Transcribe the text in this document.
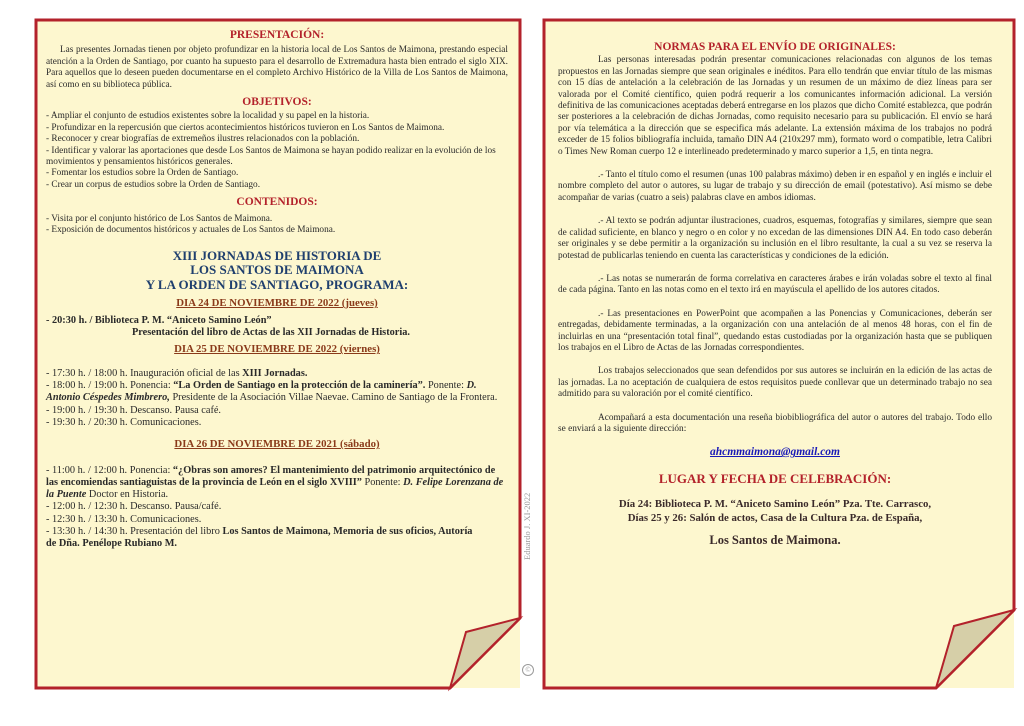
PRESENTACIÓN:

Las presentes Jornadas tienen por objeto profundizar en la historia local de Los Santos de Maimona, prestando especial atención a la Orden de Santiago, por cuanto ha supuesto para el desarrollo de Extremadura hasta bien entrado el siglo XIX. Para aquellos que lo deseen pueden documentarse en el completo Archivo Histórico de la Villa de Los Santos de Maimona, así como en su biblioteca pública.

OBJETIVOS:

- Ampliar el conjunto de estudios existentes sobre la localidad y su papel en la historia.
- Profundizar en la repercusión que ciertos acontecimientos históricos tuvieron en Los Santos de Maimona.
- Reconocer y crear biografías de extremeños ilustres relacionados con la población.
- Identificar y valorar las aportaciones que desde Los Santos de Maimona se hayan podido realizar en la evolución de los movimientos y pensamientos históricos generales.
- Fomentar los estudios sobre la Orden de Santiago.
- Crear un corpus de estudios sobre la Orden de Santiago.

CONTENIDOS:

- Visita por el conjunto histórico de Los Santos de Maimona.
- Exposición de documentos históricos y actuales de Los Santos de Maimona.

XIII JORNADAS DE HISTORIA DE

LOS SANTOS DE MAIMONA

Y LA ORDEN DE SANTIAGO, PROGRAMA:

DIA 24 DE NOVIEMBRE DE 2022 (jueves)

- 20:30 h. / Biblioteca P. M. “Aniceto Samino León”

Presentación del libro de Actas de las XII Jornadas de Historia.

DIA 25 DE NOVIEMBRE DE 2022 (viernes)

- 17:30 h. / 18:00 h. Inauguración oficial de las XIII Jornadas.

- 18:00 h. / 19:00 h. Ponencia: “La Orden de Santiago en la protección de la caminería”. Ponente: D. Antonio Céspedes Mimbrero, Presidente de la Asociación Villae Naevae. Camino de Santiago de la Frontera.

- 19:00 h. / 19:30 h. Descanso. Pausa café.

- 19:30 h. / 20:30 h. Comunicaciones.

DIA 26 DE NOVIEMBRE DE 2021 (sábado)

- 11:00 h. / 12:00 h. Ponencia: “¿Obras son amores? El mantenimiento del patrimonio arquitectónico de las encomiendas santiaguistas de la provincia de León en el siglo XVIII” Ponente: D. Felipe Lorenzana de la Puente Doctor en Historia.

- 12:00 h. / 12:30 h. Descanso. Pausa/café.

- 12:30 h. / 13:30 h. Comunicaciones.

- 13:30 h. / 14:30 h. Presentación del libro Los Santos de Maimona, Memoria de sus oficios, Autoría de Dña. Penélope Rubiano M.	Eduardo J. XI-2022
©

NORMAS PARA EL ENVÍO DE ORIGINALES:

Las personas interesadas podrán presentar comunicaciones relacionadas con algunos de los temas propuestos en las Jornadas siempre que sean originales e inéditos. Para ello tendrán que enviar título de las mismas con 15 días de antelación a la celebración de las Jornadas y un resumen de un máximo de diez líneas para ser valorada por el Comité científico, quien podrá requerir a los comunicantes información adicional. La versión definitiva de las comunicaciones aceptadas deberá entregarse en los plazos que dicho Comité establezca, que podrán ser posteriores a la celebración de dichas Jornadas, como requisito necesario para su publicación. El envío se hará por vía telemática a la dirección que se especifica más adelante. La extensión máxima de los trabajos no podrá exceder de 15 folios bibliografía incluida, tamaño DIN A4 (210x297 mm), formato word o compatible, letra Calibri o Times New Roman cuerpo 12 e interlineado predeterminado y marco superior a 1,5, en tinta negra.

.- Tanto el título como el resumen (unas 100 palabras máximo) deben ir en español y en inglés e incluir el nombre completo del autor o autores, su lugar de trabajo y su dirección de email (potestativo). Así mismo se debe acompañar de varias (cuatro a seis) palabras clave en ambos idiomas.

.- Al texto se podrán adjuntar ilustraciones, cuadros, esquemas, fotografías y similares, siempre que sean de calidad suficiente, en blanco y negro o en color y no excedan de las dimensiones DIN A4. En todo caso deberán ser originales y se debe permitir a la organización su inclusión en el libro resultante, la cual a su vez se reserva la potestad de publicarlas teniendo en cuenta las características y condiciones de la edición.

.- Las notas se numerarán de forma correlativa en caracteres árabes e irán voladas sobre el texto al final de cada página. Tanto en las notas como en el texto irá en mayúscula el apellido de los autores citados.

.- Las presentaciones en PowerPoint que acompañen a las Ponencias y Comunicaciones, deberán ser entregadas, debidamente terminadas, a la organización con una antelación de al menos 48 horas, con el fin de incluirlas en una “presentación total final”, quedando estas custodiadas por la organización hasta que se publiquen los trabajos en el Libro de Actas de las Jornadas correspondientes.

Los trabajos seleccionados que sean defendidos por sus autores se incluirán en la edición de las actas de las jornadas. La no aceptación de cualquiera de estos requisitos puede conllevar que un determinado trabajo no sea admitido para su valoración por el comité científico.

Acompañará a esta documentación una reseña biobibliográfica del autor o autores del trabajo. Todo ello se enviará a la siguiente dirección:

ahcmmaimona@gmail.com

LUGAR Y FECHA DE CELEBRACIÓN:

Día 24: Biblioteca P. M. “Aniceto Samino León” Pza. Tte. Carrasco,

Días 25 y 26: Salón de actos, Casa de la Cultura Pza. de España,

Los Santos de Maimona.
